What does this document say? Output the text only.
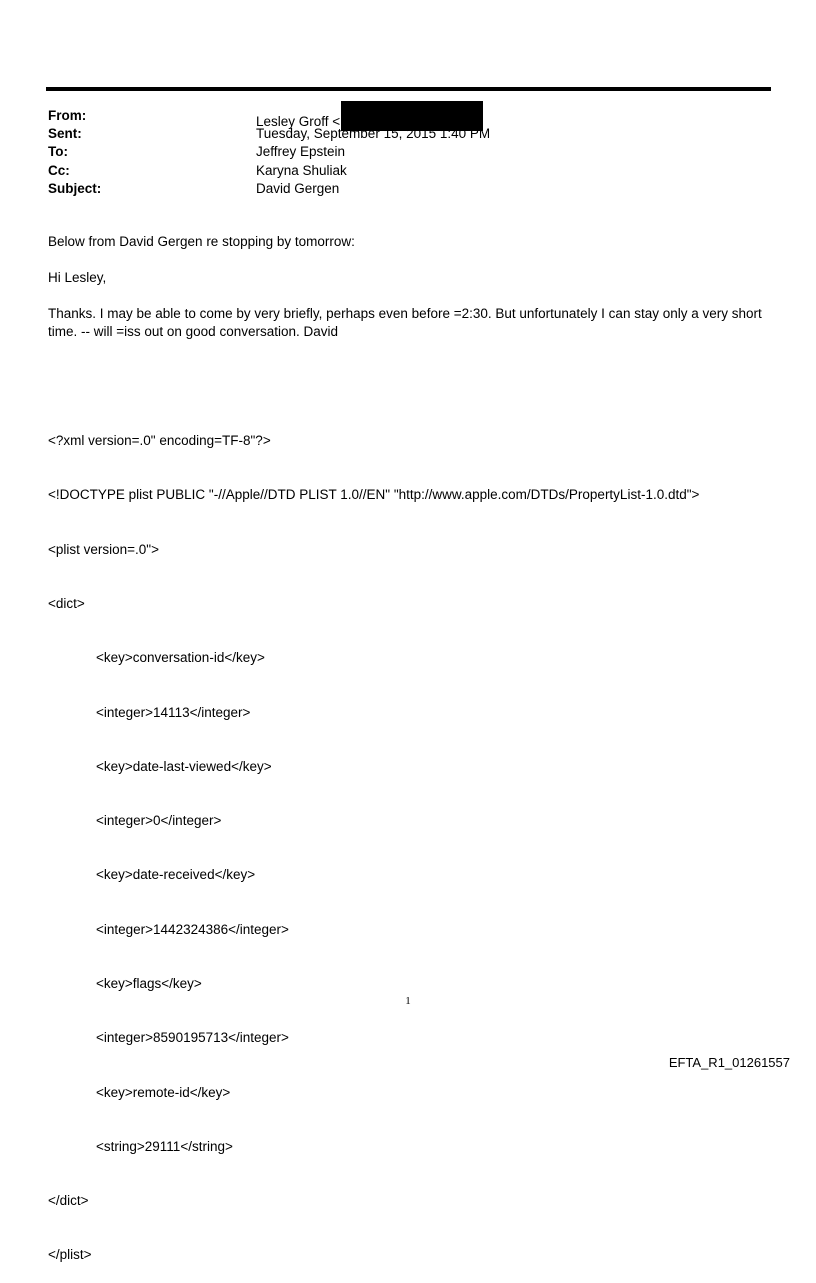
From:	Lesley Groff <
Sent:	Tuesday, September 15, 2015 1:40 PM
To:	Jeffrey Epstein
Cc:	Karyna Shuliak
Subject:	David Gergen
Below from David Gergen re stopping by tomorrow:
Hi Lesley,
Thanks. I may be able to come by very briefly, perhaps even before =2:30. But unfortunately I can stay only a very short time. -- will =iss out on good conversation. David

<?xml version=.0" encoding=TF-8"?>

<!DOCTYPE plist PUBLIC "-//Apple//DTD PLIST 1.0//EN" "http://www.apple.com/DTDs/PropertyList-1.0.dtd">

<plist version=.0">

<dict>

<key>conversation-id</key>

<integer>14113</integer>

<key>date-last-viewed</key>

<integer>0</integer>

<key>date-received</key>

<integer>1442324386</integer>

<key>flags</key>

<integer>8590195713</integer>

<key>remote-id</key>

<string>29111</string>

</dict>

</plist>

1
EFTA_R1_01261557
